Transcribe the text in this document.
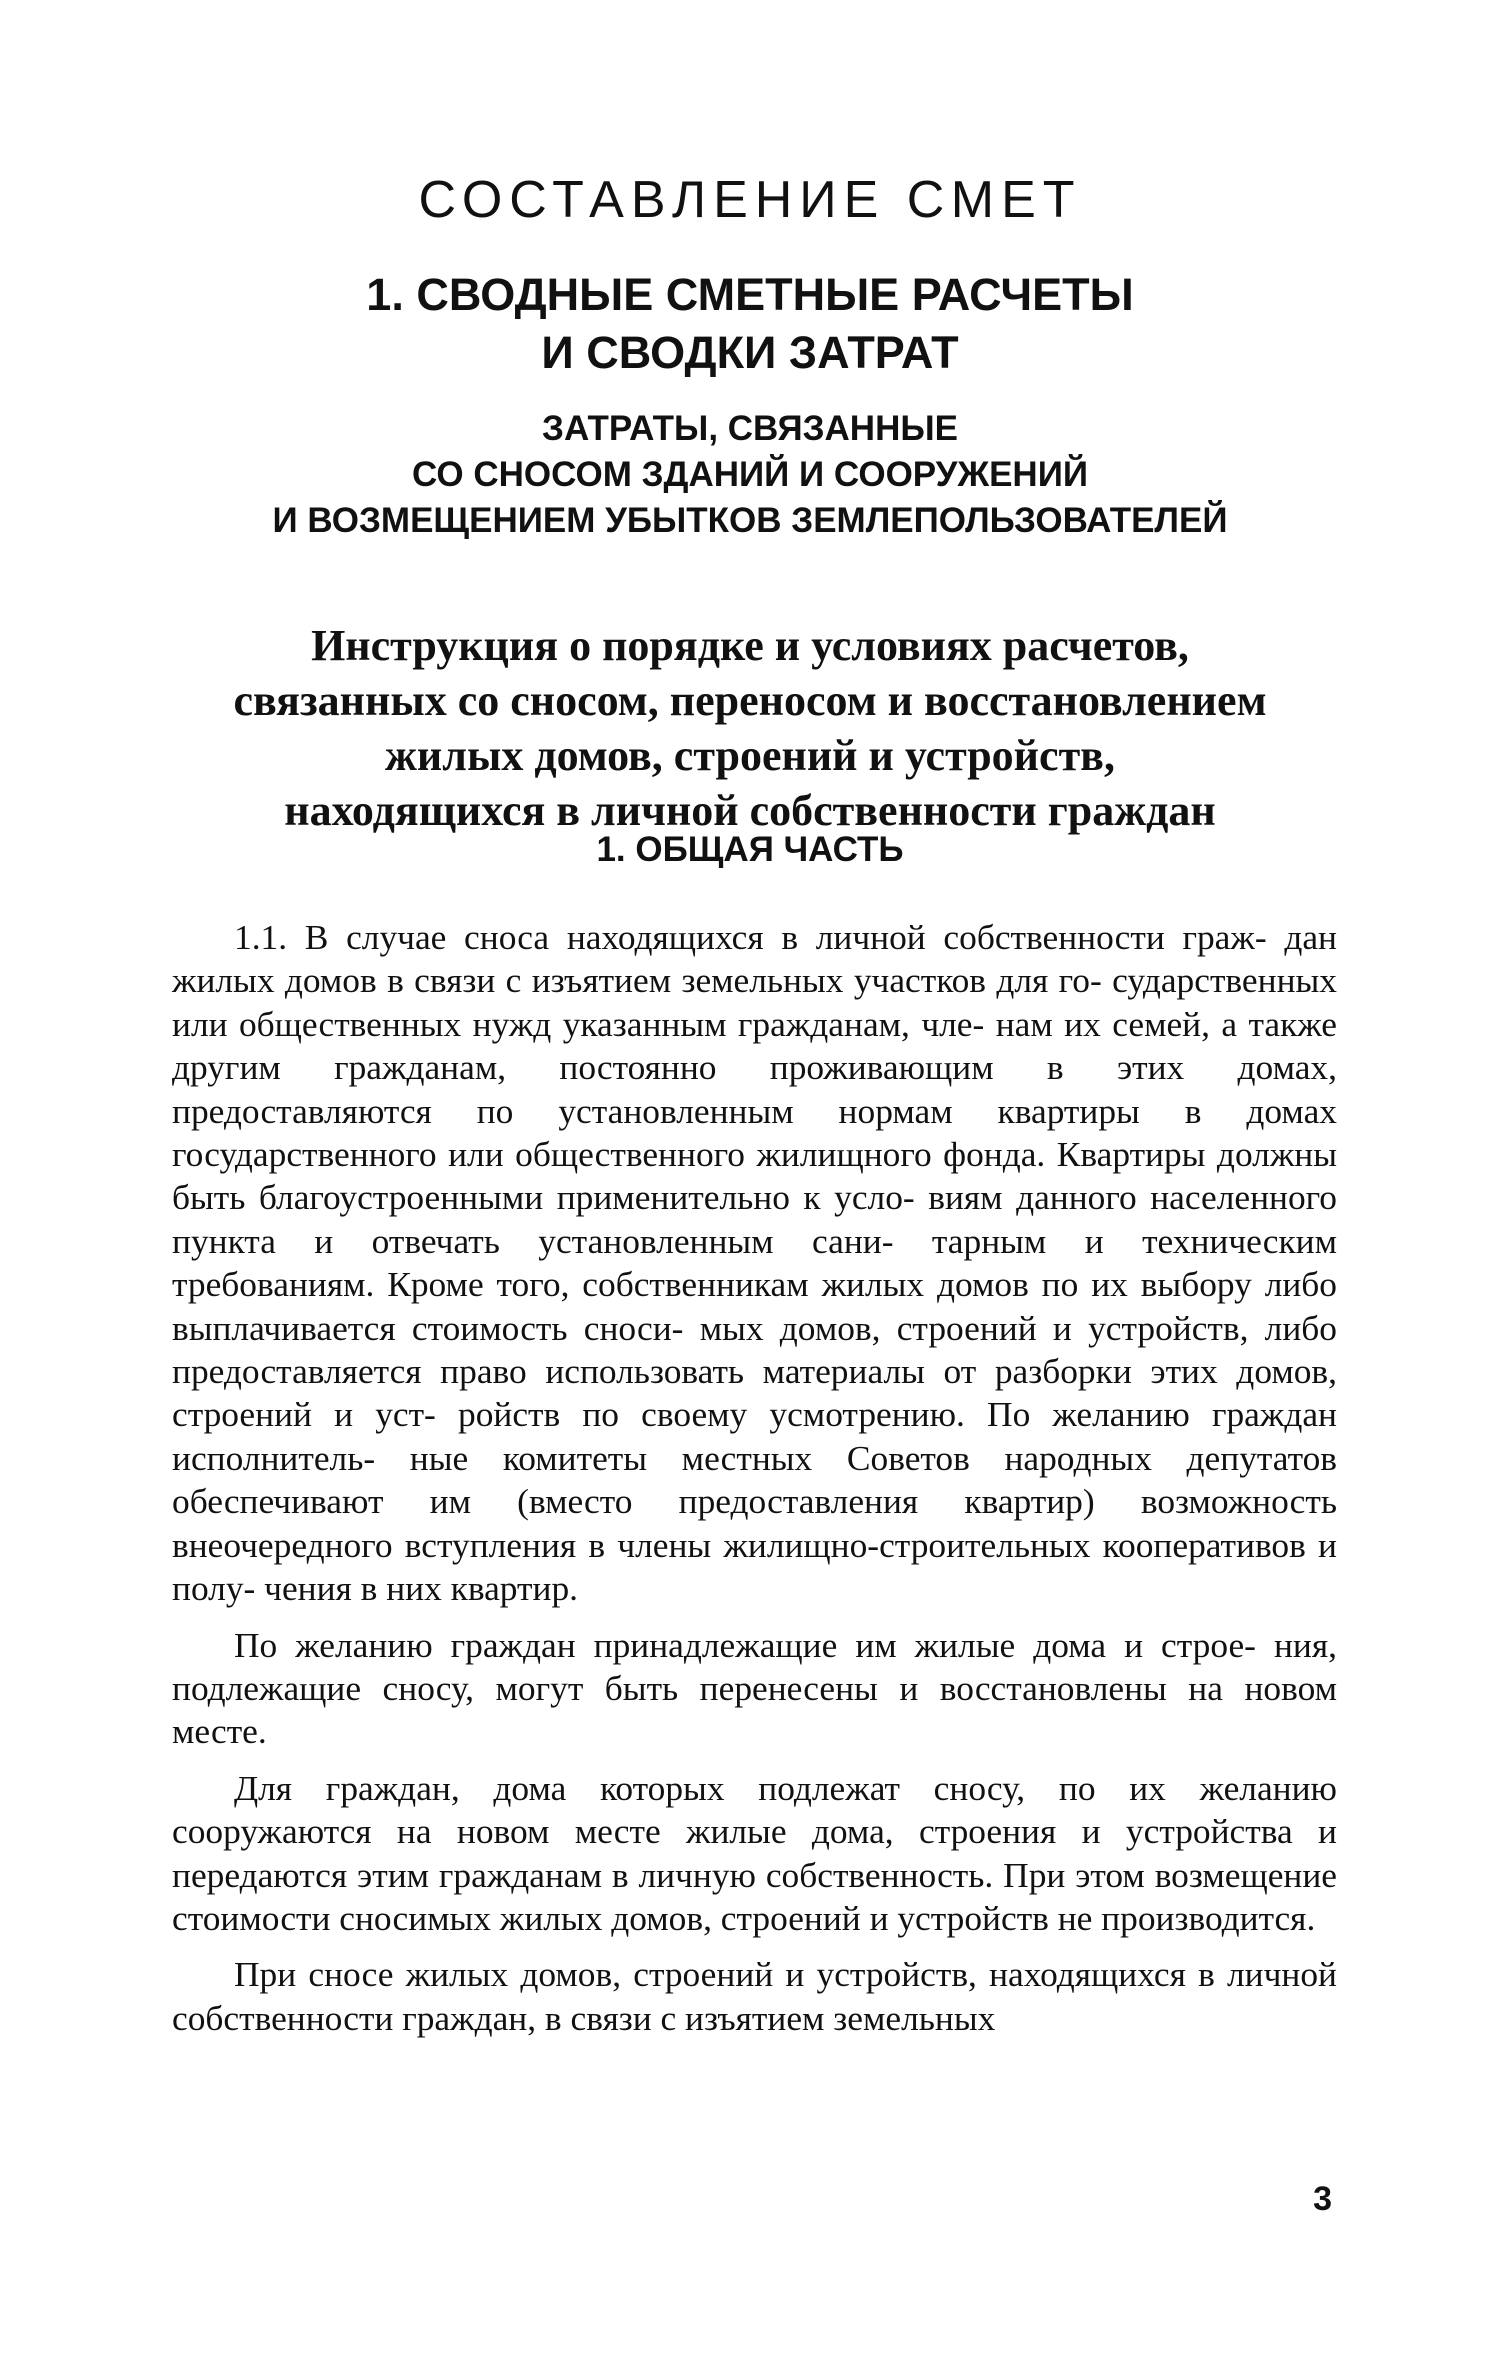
СОСТАВЛЕНИЕ СМЕТ
1. СВОДНЫЕ СМЕТНЫЕ РАСЧЕТЫ
И СВОДКИ ЗАТРАТ
ЗАТРАТЫ, СВЯЗАННЫЕ
СО СНОСОМ ЗДАНИЙ И СООРУЖЕНИЙ
И ВОЗМЕЩЕНИЕМ УБЫТКОВ ЗЕМЛЕПОЛЬЗОВАТЕЛЕЙ
Инструкция о порядке и условиях расчетов,
связанных со сносом, переносом и восстановлением
жилых домов, строений и устройств,
находящихся в личной собственности граждан
1. ОБЩАЯ ЧАСТЬ

1.1. В случае сноса находящихся в личной собственности граж- дан жилых домов в связи с изъятием земельных участков для го- сударственных или общественных нужд указанным гражданам, чле- нам их семей, а также другим гражданам, постоянно проживающим в этих домах, предоставляются по установленным нормам квартиры в домах государственного или общественного жилищного фонда. Квартиры должны быть благоустроенными применительно к усло- виям данного населенного пункта и отвечать установленным сани- тарным и техническим требованиям. Кроме того, собственникам жилых домов по их выбору либо выплачивается стоимость сноси- мых домов, строений и устройств, либо предоставляется право использовать материалы от разборки этих домов, строений и уст- ройств по своему усмотрению. По желанию граждан исполнитель- ные комитеты местных Советов народных депутатов обеспечивают им (вместо предоставления квартир) возможность внеочередного вступления в члены жилищно-строительных кооперативов и полу- чения в них квартир.

По желанию граждан принадлежащие им жилые дома и строе- ния, подлежащие сносу, могут быть перенесены и восстановлены на новом месте.

Для граждан, дома которых подлежат сносу, по их желанию сооружаются на новом месте жилые дома, строения и устройства и передаются этим гражданам в личную собственность. При этом возмещение стоимости сносимых жилых домов, строений и устройств не производится.

При сносе жилых домов, строений и устройств, находящихся в личной собственности граждан, в связи с изъятием земельных

3
